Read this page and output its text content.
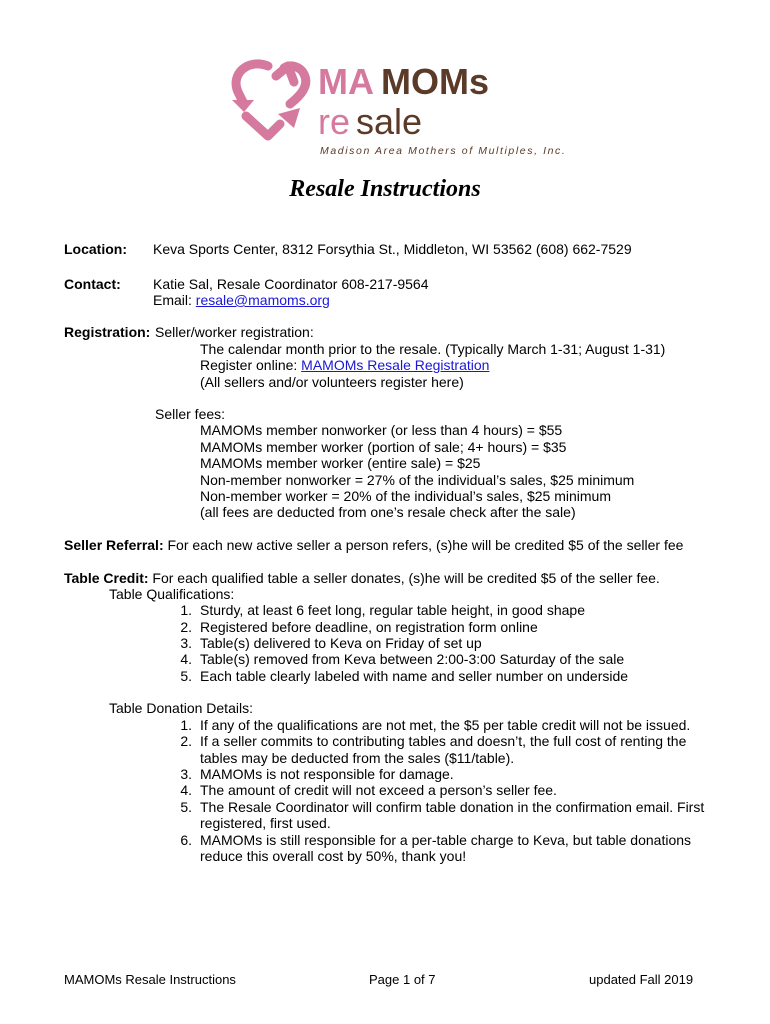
MA MOMs
re sale
Madison Area Mothers of Multiples, Inc.
Resale Instructions
Location: Keva Sports Center, 8312 Forsythia St., Middleton, WI 53562 (608) 662-7529
Contact: Katie Sal, Resale Coordinator 608-217-9564
Email: resale@mamoms.org
Registration: Seller/worker registration:
The calendar month prior to the resale. (Typically March 1-31; August 1-31)
Register online: MAMOMs Resale Registration
(All sellers and/or volunteers register here)
Seller fees:
MAMOMs member nonworker (or less than 4 hours) = $55
MAMOMs member worker (portion of sale; 4+ hours) = $35
MAMOMs member worker (entire sale) = $25
Non-member nonworker = 27% of the individual’s sales, $25 minimum
Non-member worker = 20% of the individual’s sales, $25 minimum
(all fees are deducted from one’s resale check after the sale)
Seller Referral: For each new active seller a person refers, (s)he will be credited $5 of the seller fee
Table Credit: For each qualified table a seller donates, (s)he will be credited $5 of the seller fee.
Table Qualifications:
1. Sturdy, at least 6 feet long, regular table height, in good shape
2. Registered before deadline, on registration form online
3. Table(s) delivered to Keva on Friday of set up
4. Table(s) removed from Keva between 2:00-3:00 Saturday of the sale
5. Each table clearly labeled with name and seller number on underside
Table Donation Details:
1. If any of the qualifications are not met, the $5 per table credit will not be issued.
2. If a seller commits to contributing tables and doesn’t, the full cost of renting the
tables may be deducted from the sales ($11/table).
3. MAMOMs is not responsible for damage.
4. The amount of credit will not exceed a person’s seller fee.
5. The Resale Coordinator will confirm table donation in the confirmation email. First
registered, first used.
6. MAMOMs is still responsible for a per-table charge to Keva, but table donations
reduce this overall cost by 50%, thank you!
MAMOMs Resale Instructions	Page 1 of 7	updated Fall 2019
